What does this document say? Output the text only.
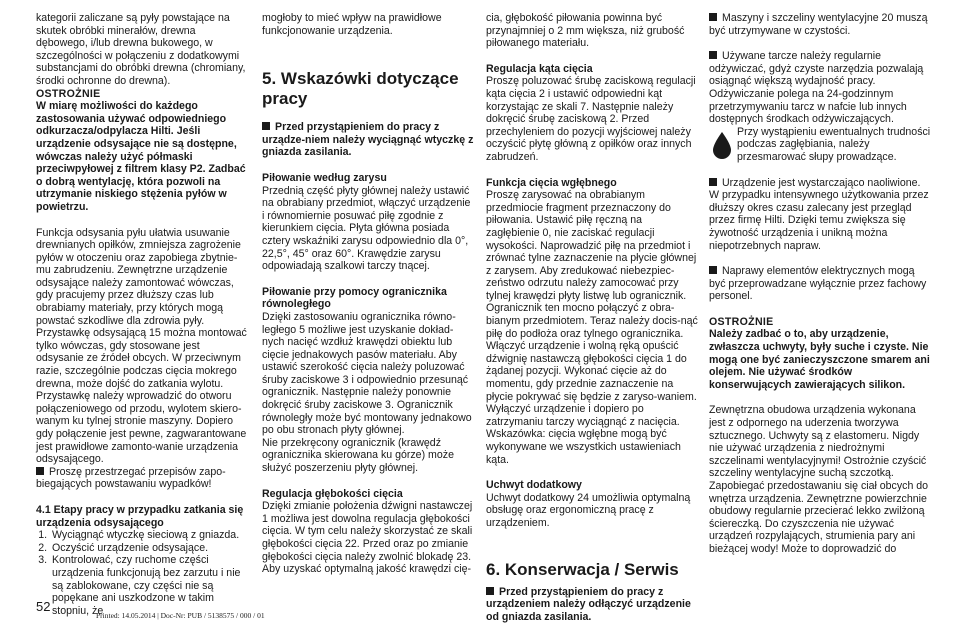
kategorii zaliczane są pyły powstające na skutek obróbki minerałów, drewna dębowego, i/lub drewna bukowego, w szczególności w połączeniu z dodatkowymi substancjami do obróbki drewna (chromiany, środki ochronne do drewna).

OSTROŻNIE

W miarę możliwości do każdego zastosowania używać odpowiedniego odkurzacza/odpylacza Hilti. Jeśli urządzenie odsysające nie są dostępne, wówczas należy użyć półmaski przeciwpyłowej z filtrem klasy P2. Zadbać o dobrą wentylację, która pozwoli na utrzymanie niskiego stężenia pyłów w powietrzu.

Funkcja odsysania pyłu ułatwia usuwanie drewnianych opiłków, zmniejsza zagrożenie pyłów w otoczeniu oraz zapobiega zbytnie-mu zabrudzeniu. Zewnętrzne urządzenie odsysające należy zamontować wówczas, gdy pracujemy przez dłuższy czas lub obrabiamy materiały, przy których mogą powstać szkodliwe dla zdrowia pyły. Przystawkę odsysającą 15 można montować tylko wówczas, gdy stosowane jest odsysanie ze źródeł obcych. W przeciwnym razie, szczególnie podczas cięcia mokrego drewna, może dojść do zatkania wylotu. Przystawkę należy wprowadzić do otworu połączeniowego od przodu, wylotem skiero-wanym ku tylnej stronie maszyny. Dopiero gdy połączenie jest pewne, zagwarantowane jest prawidłowe zamonto-wanie urządzenia odsysającego.

Proszę przestrzegać przepisów zapo-biegających powstawaniu wypadków!

4.1 Etapy pracy w przypadku zatkania się urządzenia odsysającego

1. Wyciągnąć wtyczkę sieciową z gniazda.
2. Oczyścić urządzenie odsysające.
3. Kontrolować, czy ruchome części urządzenia funkcjonują bez zarzutu i nie są zablokowane, czy części nie są popękane ani uszkodzone w takim stopniu, że

mogłoby to mieć wpływ na prawidłowe funkcjonowanie urządzenia.

5. Wskazówki dotyczące pracy

Przed przystąpieniem do pracy z urządze-niem należy wyciągnąć wtyczkę z gniazda zasilania.

Piłowanie według zarysu

Przednią część płyty głównej należy ustawić na obrabiany przedmiot, włączyć urządzenie i równomiernie posuwać piłę zgodnie z kierunkiem cięcia. Płyta główna posiada cztery wskaźniki zarysu odpowiednio dla 0°, 22,5°, 45° oraz 60°. Krawędzie zarysu odpowiadają szalkowi tarczy tnącej.

Piłowanie przy pomocy ogranicznika równoległego

Dzięki zastosowaniu ogranicznika równo-ległego 5 możliwe jest uzyskanie dokład-nych nacięć wzdłuż krawędzi obiektu lub cięcie jednakowych pasów materiału. Aby ustawić szerokość cięcia należy poluzować śruby zaciskowe 3 i odpowiednio przesunąć ogranicznik. Następnie należy ponownie dokręcić śruby zaciskowe 3. Ogranicznik równoległy może być montowany jednakowo po obu stronach płyty głównej.

Nie przekręcony ogranicznik (krawędź ogranicznika skierowana ku górze) może służyć poszerzeniu płyty głównej.

Regulacja głębokości cięcia

Dzięki zmianie położenia dźwigni nastawczej 1 możliwa jest dowolna regulacja głębokości cięcia. W tym celu należy skorzystać ze skali głębokości cięcia 22. Przed oraz po zmianie głębokości cięcia należy zwolnić blokadę 23. Aby uzyskać optymalną jakość krawędzi cię-

cia, głębokość piłowania powinna być przynajmniej o 2 mm większa, niż grubość piłowanego materiału.

Regulacja kąta cięcia

Proszę poluzować śrubę zaciskową regulacji kąta cięcia 2 i ustawić odpowiedni kąt korzystając ze skali 7. Następnie należy dokręcić śrubę zaciskową 2. Przed przechyleniem do pozycji wyjściowej należy oczyścić płytę główną z opiłków oraz innych zabrudzeń.

Funkcja cięcia wgłębnego

Proszę zarysować na obrabianym przedmiocie fragment przeznaczony do piłowania. Ustawić piłę ręczną na zagłębienie 0, nie zaciskać regulacji wysokości. Naprowadzić piłę na przedmiot i zrównać tylne zaznaczenie na płycie głównej z zarysem. Aby zredukować niebezpiec-zeństwo odrzutu należy zamocować przy tylnej krawędzi płyty listwę lub ogranicznik. Ogranicznik ten mocno połączyć z obra-bianym przedmiotem. Teraz należy docis-nąć piłę do podłoża oraz tylnego ogranicznika. Włączyć urządzenie i wolną ręką opuścić dźwignię nastawczą głębokości cięcia 1 do żądanej pozycji. Wykonać cięcie aż do momentu, gdy przednie zaznaczenie na płycie pokrywać się będzie z zaryso-waniem. Wyłączyć urządzenie i dopiero po zatrzymaniu tarczy wyciągnąć z nacięcia. Wskazówka: cięcia wgłębne mogą być wykonywane we wszystkich ustawieniach kąta.

Uchwyt dodatkowy

Uchwyt dodatkowy 24 umożliwia optymalną obsługę oraz ergonomiczną pracę z urządzeniem.

6. Konserwacja / Serwis

Przed przystąpieniem do pracy z urządzeniem należy odłączyć urządzenie od gniazda zasilania.

Maszyny i szczeliny wentylacyjne 20 muszą być utrzymywane w czystości.

Używane tarcze należy regularnie odżywiczać, gdyż czyste narzędzia pozwalają osiągnąć większą wydajność pracy. Odżywiczanie polega na 24-godzinnym przetrzymywaniu tarcz w nafcie lub innych dostępnych środkach odżywiczających.

Przy wystąpieniu ewentualnych trudności podczas zagłębiania, należy przesmarować słupy prowadzące.

Urządzenie jest wystarczająco naoliwione. W przypadku intensywnego użytkowania przez dłuższy okres czasu zalecany jest przegląd przez firmę Hilti. Dzięki temu zwiększa się żywotność urządzenia i unikną można niepotrzebnych napraw.

Naprawy elementów elektrycznych mogą być przeprowadzane wyłącznie przez fachowy personel.

OSTROŻNIE

Należy zadbać o to, aby urządzenie, zwłaszcza uchwyty, były suche i czyste. Nie mogą one być zanieczyszczone smarem ani olejem. Nie używać środków konserwujących zawierających silikon.

Zewnętrzna obudowa urządzenia wykonana jest z odpornego na uderzenia tworzywa sztucznego. Uchwyty są z elastomeru. Nigdy nie używać urządzenia z niedrożnymi szczelinami wentylacyjnymi! Ostrożnie czyścić szczeliny wentylacyjne suchą szczotką. Zapobiegać przedostawaniu się ciał obcych do wnętrza urządzenia. Zewnętrzne powierzchnie obudowy regularnie przecierać lekko zwilżoną ściereczką. Do czyszczenia nie używać urządzeń rozpylających, strumienia pary ani bieżącej wody! Może to doprowadzić do

52
Printed: 14.05.2014 | Doc-Nr: PUB / 5138575 / 000 / 01
